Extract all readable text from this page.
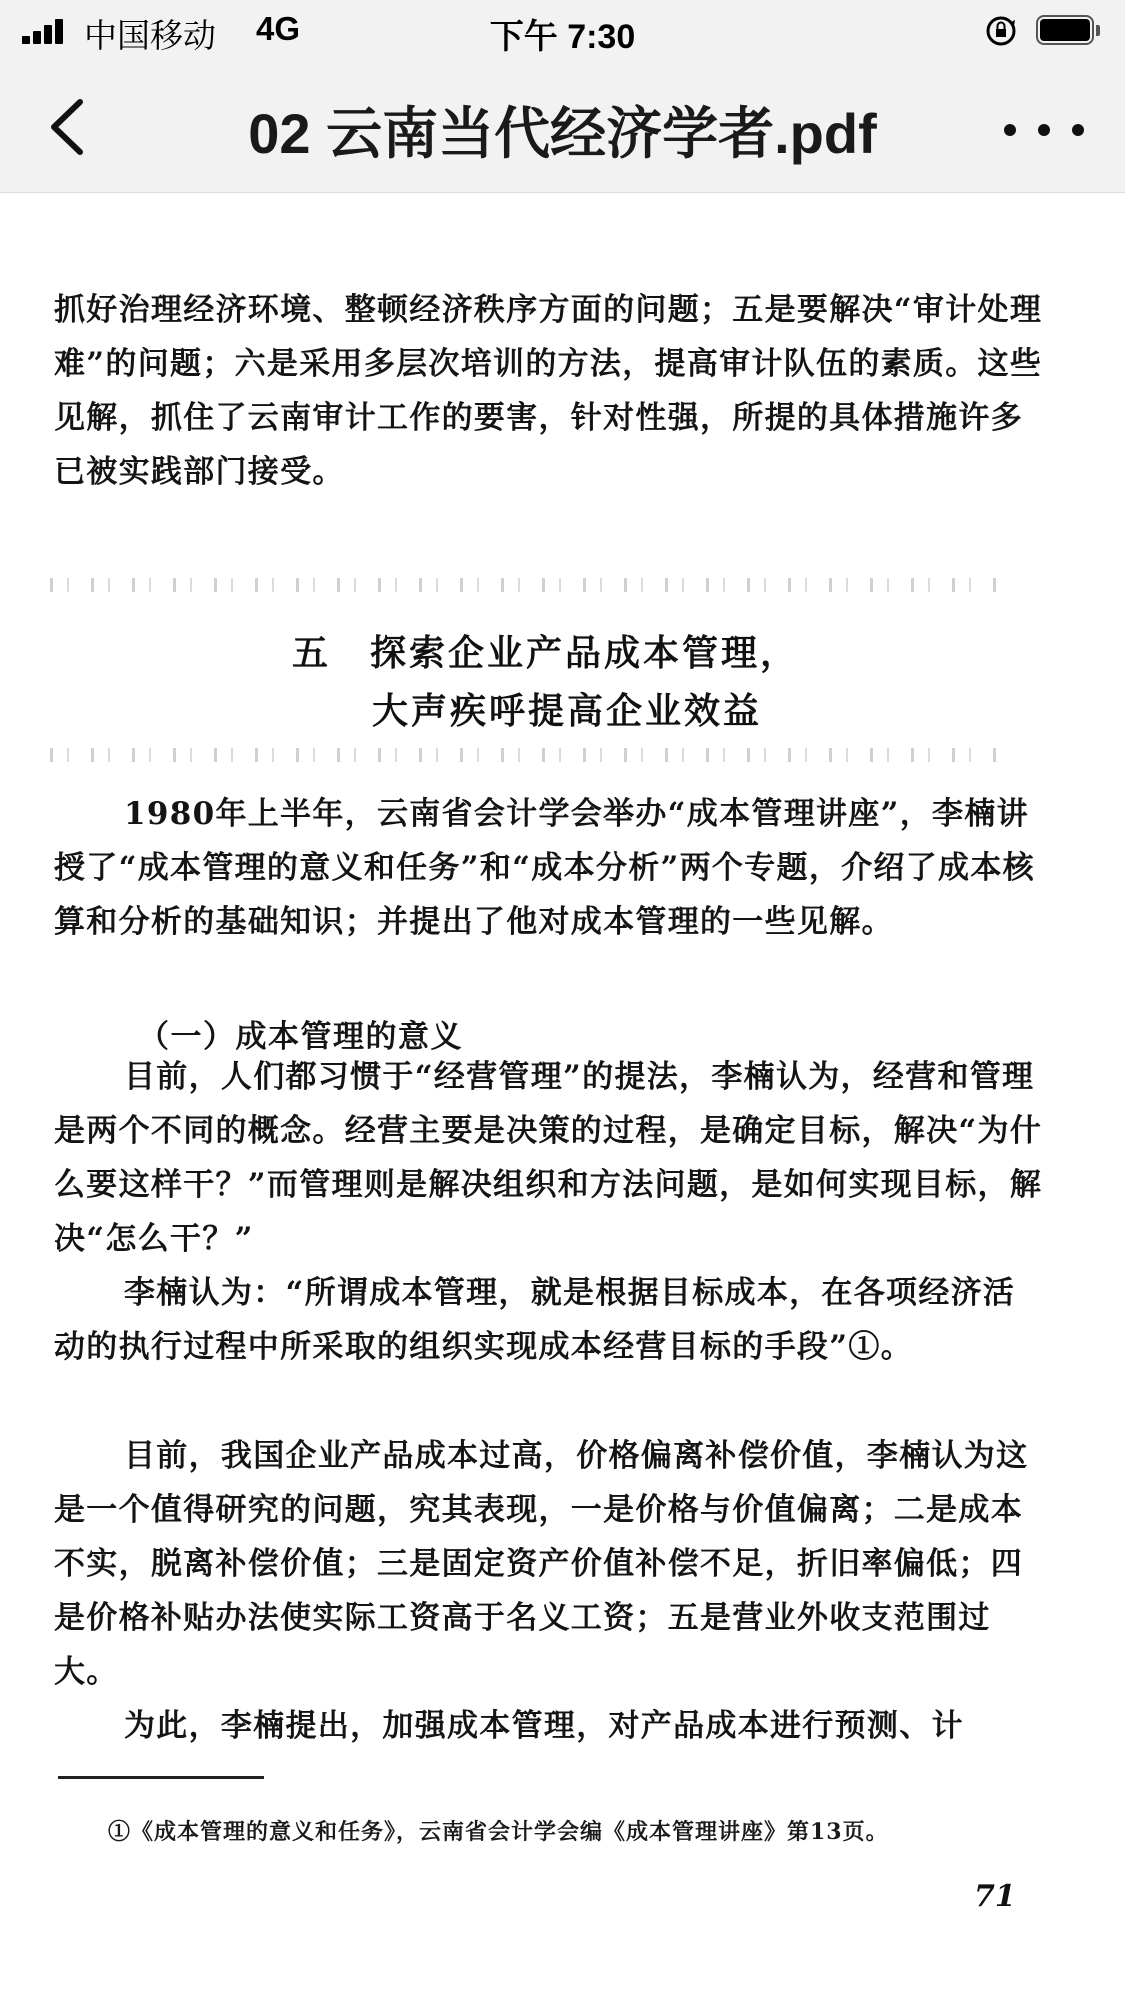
中国移动 4G	下午 7:30
02 云南当代经济学者.pdf

抓好治理经济环境、整顿经济秩序方面的问题；五是要解决“审计处理难”的问题；六是采用多层次培训的方法，提高审计队伍的素质。这些见解，抓住了云南审计工作的要害，针对性强，所提的具体措施许多已被实践部门接受。

五　探索企业产品成本管理，
大声疾呼提高企业效益

1980年上半年，云南省会计学会举办“成本管理讲座”，李楠讲授了“成本管理的意义和任务”和“成本分析”两个专题，介绍了成本核算和分析的基础知识；并提出了他对成本管理的一些见解。

（一）成本管理的意义

目前，人们都习惯于“经营管理”的提法，李楠认为，经营和管理是两个不同的概念。经营主要是决策的过程，是确定目标，解决“为什么要这样干？”而管理则是解决组织和方法问题，是如何实现目标，解决“怎么干？”

李楠认为：“所谓成本管理，就是根据目标成本，在各项经济活动的执行过程中所采取的组织实现成本经营目标的手段”①。

目前，我国企业产品成本过高，价格偏离补偿价值，李楠认为这是一个值得研究的问题，究其表现，一是价格与价值偏离；二是成本不实，脱离补偿价值；三是固定资产价值补偿不足，折旧率偏低；四是价格补贴办法使实际工资高于名义工资；五是营业外收支范围过大。

为此，李楠提出，加强成本管理，对产品成本进行预测、计

①《成本管理的意义和任务》，云南省会计学会编《成本管理讲座》第13页。
71
